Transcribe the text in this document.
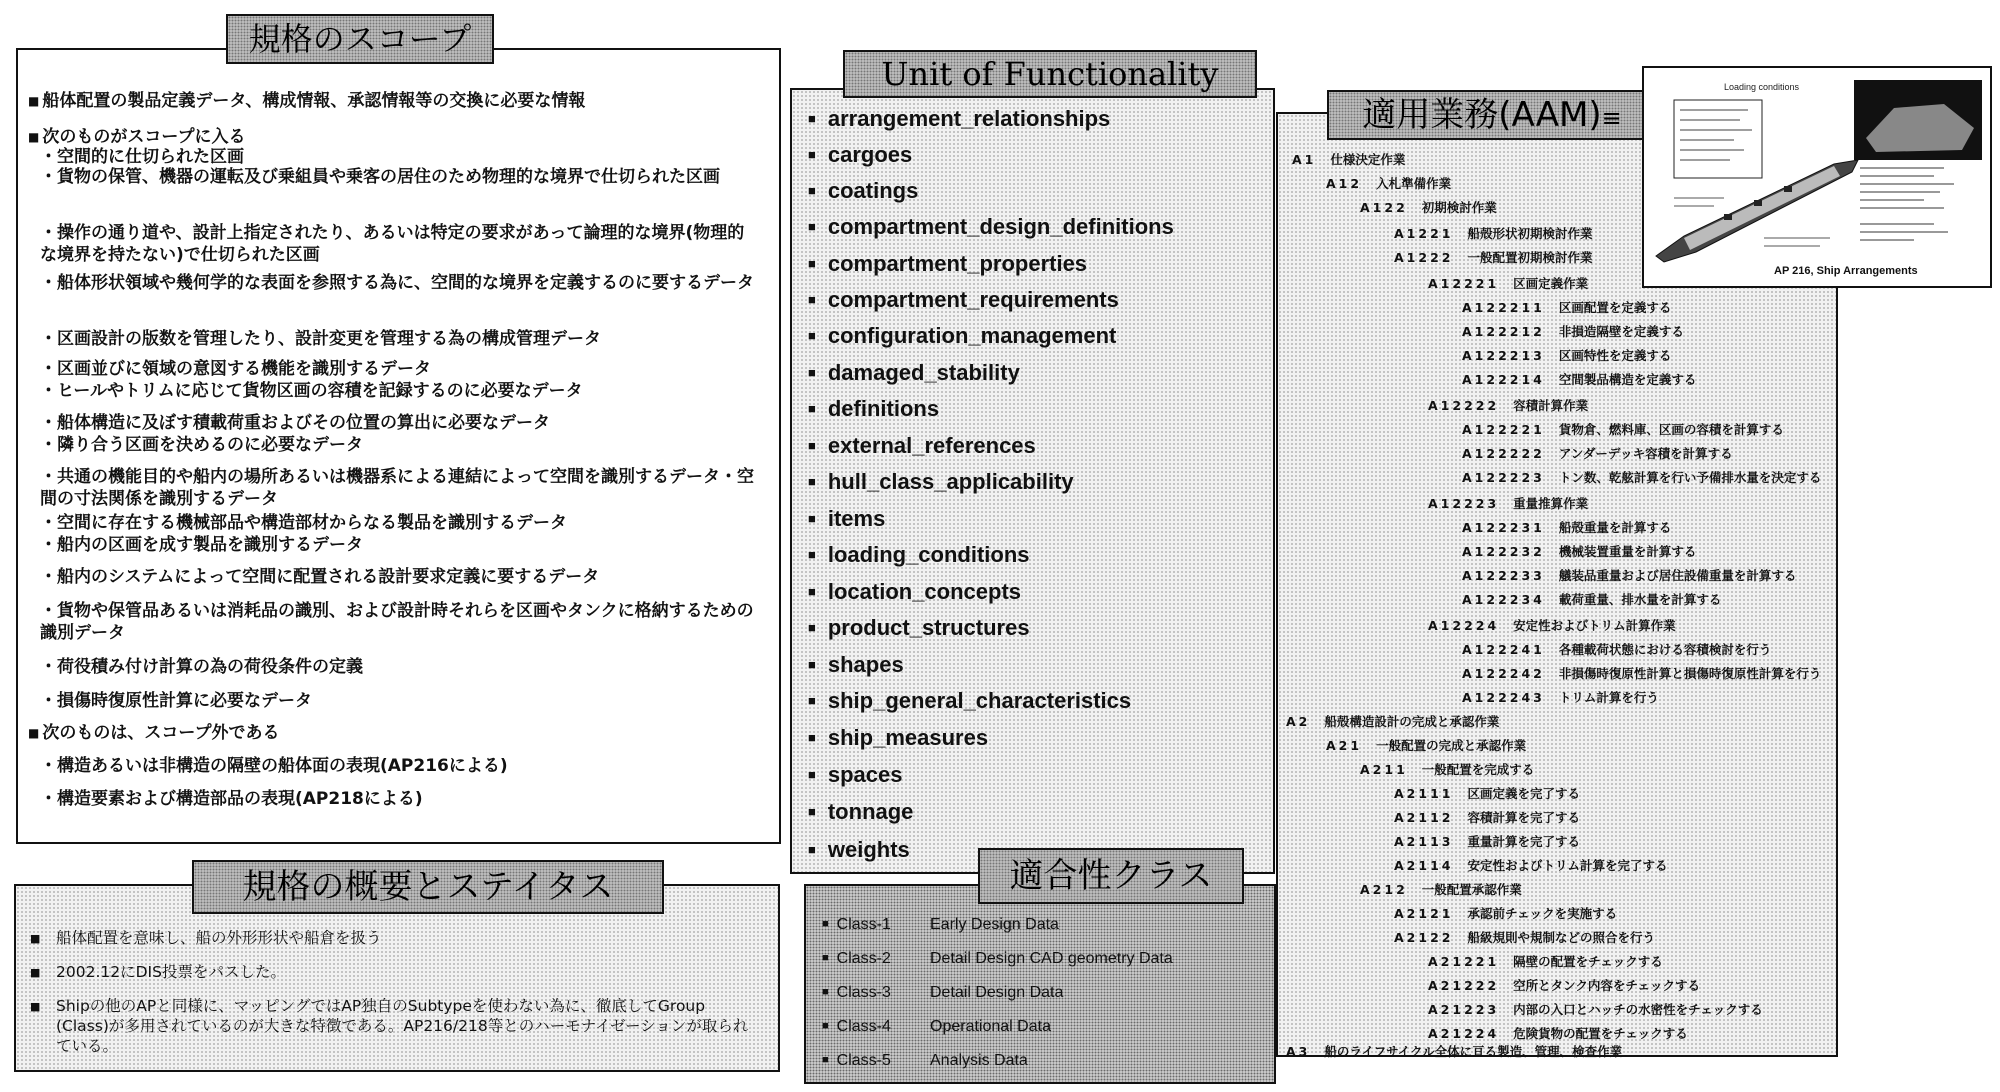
■ 船体配置の製品定義データ、構成情報、承認情報等の交換に必要な情報
■ 次のものがスコープに入る
・ 空間的に仕切られた区画
・ 貨物の保管、機器の運転及び乗組員や乗客の居住のため物理的な境界で仕切られた区画
・ 操作の通り道や、設計上指定されたり、あるいは特定の要求があって論理的な境界(物理的な境界を持たない)で仕切られた区画
・ 船体形状領域や幾何学的な表面を参照する為に、空間的な境界を定義するのに要するデータ
・ 区画設計の版数を管理したり、設計変更を管理する為の構成管理データ
・ 区画並びに領域の意図する機能を識別するデータ
・ ヒールやトリムに応じて貨物区画の容積を記録するのに必要なデータ
・ 船体構造に及ぼす積載荷重およびその位置の算出に必要なデータ
・ 隣り合う区画を決めるのに必要なデータ
・ 共通の機能目的や船内の場所あるいは機器系による連結によって空間を識別するデータ・空間の寸法関係を識別するデータ
・ 空間に存在する機械部品や構造部材からなる製品を識別するデータ
・ 船内の区画を成す製品を識別するデータ
・ 船内のシステムによって空間に配置される設計要求定義に要するデータ
・ 貨物や保管品あるいは消耗品の識別、および設計時それらを区画やタンクに格納するための識別データ
・ 荷役積み付け計算の為の荷役条件の定義
・ 損傷時復原性計算に必要なデータ
■ 次のものは、スコープ外である
・ 構造あるいは非構造の隔壁の船体面の表現(AP216による)
・ 構造要素および構造部品の表現(AP218による)
規格のスコープ
■ arrangement_relationships
■ cargoes
■ coatings
■ compartment_design_definitions
■ compartment_properties
■ compartment_requirements
■ configuration_management
■ damaged_stability
■ definitions
■ external_references
■ hull_class_applicability
■ items
■ loading_conditions
■ location_concepts
■ product_structures
■ shapes
■ ship_general_characteristics
■ ship_measures
■ spaces
■ tonnage
■ weights
Unit of Functionality
A1 仕様決定作業
A12 入札準備作業
A122 初期検討作業
A1221 船殻形状初期検討作業
A1222 一般配置初期検討作業
A12221 区画定義作業
A122211 区画配置を定義する
A122212 非損造隔壁を定義する
A122213 区画特性を定義する
A122214 空間製品構造を定義する
A12222 容積計算作業
A122221 貨物倉、燃料庫、区画の容積を計算する
A122222 アンダーデッキ容積を計算する
A122223 トン数、乾舷計算を行い予備排水量を決定する
A12223 重量推算作業
A122231 船殻重量を計算する
A122232 機械装置重量を計算する
A122233 艤装品重量および居住設備重量を計算する
A122234 載荷重量、排水量を計算する
A12224 安定性およびトリム計算作業
A122241 各種載荷状態における容積検討を行う
A122242 非損傷時復原性計算と損傷時復原性計算を行う
A122243 トリム計算を行う
A2 船殻構造設計の完成と承認作業
A21 一般配置の完成と承認作業
A211 一般配置を完成する
A2111 区画定義を完了する
A2112 容積計算を完了する
A2113 重量計算を完了する
A2114 安定性およびトリム計算を完了する
A212 一般配置承認作業
A2121 承認前チェックを実施する
A2122 船級規則や規制などの照合を行う
A21221 隔壁の配置をチェックする
A21222 空所とタンク内容をチェックする
A21223 内部の入口とハッチの水密性をチェックする
A21224 危険貨物の配置をチェックする
A3 船のライフサイクル全体に亘る製造、管理、検査作業
適用業務(AAM)≡
Loading conditions
AP 216, Ship Arrangements
■ 船体配置を意味し、船の外形形状や船倉を扱う
■ 2002.12にDIS投票をパスした。
■ Shipの他のAPと同様に、マッピングではAP独自のSubtypeを使わない為に、徹底してGroup (Class)が多用されているのが大きな特徴である。AP216/218等とのハーモナイゼーションが取られている。
規格の概要とステイタス
■ Class-1 Early Design Data
■ Class-2 Detail Design CAD geometry Data
■ Class-3 Detail Design Data
■ Class-4 Operational Data
■ Class-5 Analysis Data
適合性クラス
